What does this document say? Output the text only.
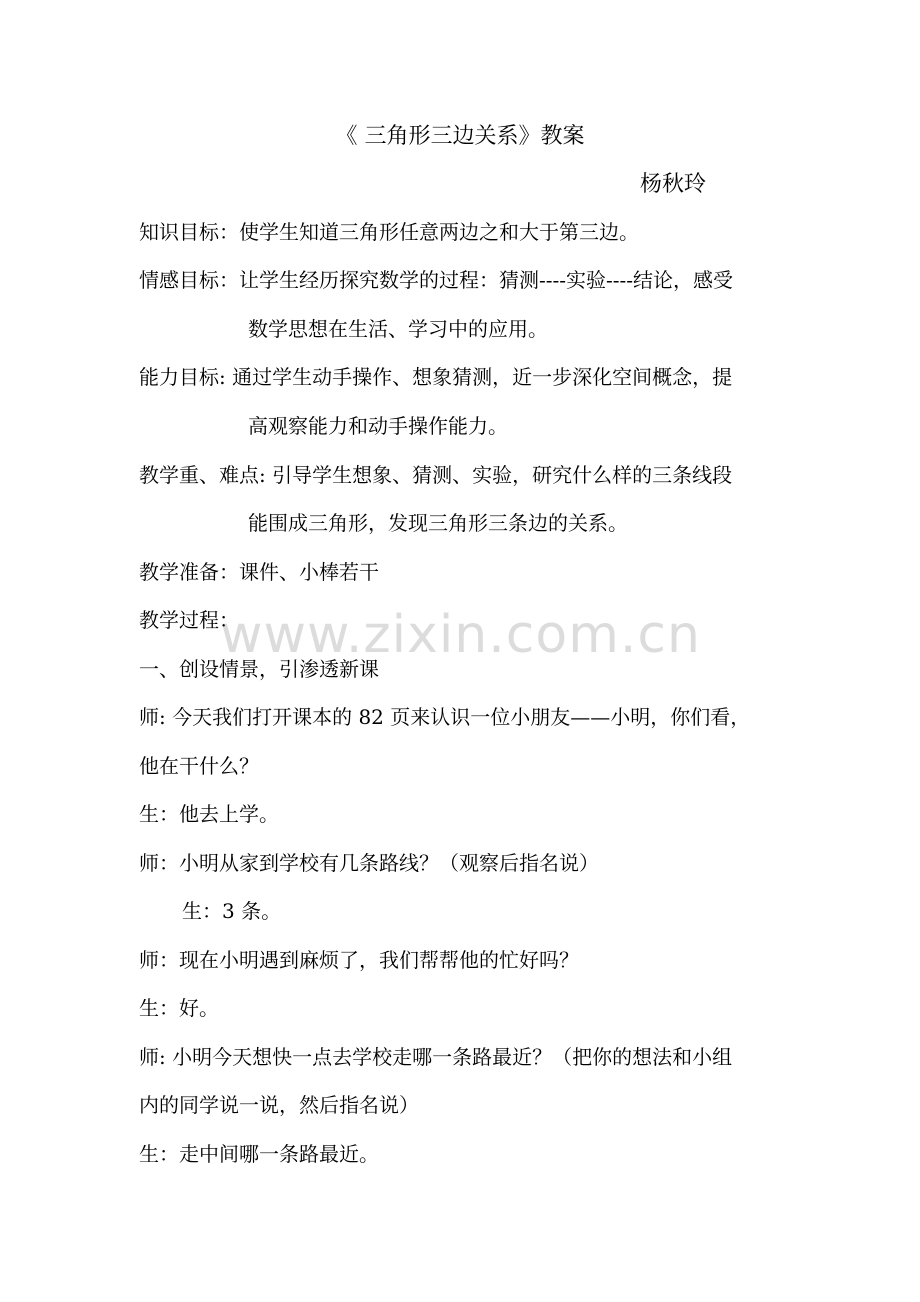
www.zixin.com.cn
《 三角形三边关系》教案
杨秋玲
知识目标：使学生知道三角形任意两边之和大于第三边。
情感目标：让学生经历探究数学的过程：猜测----实验----结论，感受
数学思想在生活、学习中的应用。
能力目标: 通过学生动手操作、想象猜测，近一步深化空间概念，提
高观察能力和动手操作能力。
教学重、难点: 引导学生想象、猜测、实验，研究什么样的三条线段
能围成三角形，发现三角形三条边的关系。
教学准备：课件、小棒若干
教学过程：
一、创设情景，引渗透新课
师: 今天我们打开课本的 82 页来认识一位小朋友——小明，你们看，
他在干什么？
生：他去上学。
师：小明从家到学校有几条路线？（观察后指名说）
生：3 条。
师：现在小明遇到麻烦了，我们帮帮他的忙好吗？
生：好。
师: 小明今天想快一点去学校走哪一条路最近？（把你的想法和小组
内的同学说一说，然后指名说）
生：走中间哪一条路最近。
